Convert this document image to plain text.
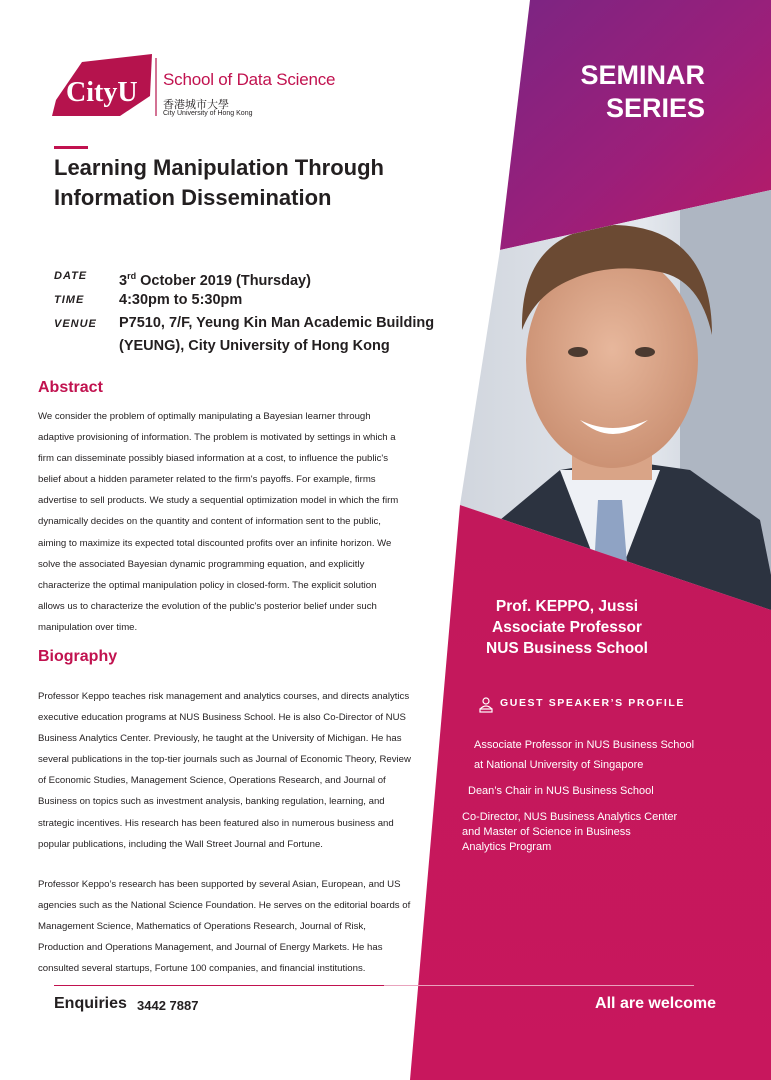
CityU School of Data Science
香港城市大學
City University of Hong Kong
SEMINAR
SERIES
Learning Manipulation Through
Information Dissemination
DATE 3rd October 2019 (Thursday)
TIME 4:30pm to 5:30pm
VENUE P7510, 7/F, Yeung Kin Man Academic Building
(YEUNG), City University of Hong Kong
Abstract
We consider the problem of optimally manipulating a Bayesian learner through
adaptive provisioning of information. The problem is motivated by settings in which a
firm can disseminate possibly biased information at a cost, to influence the public's
belief about a hidden parameter related to the firm's payoffs. For example, firms
advertise to sell products. We study a sequential optimization model in which the firm
dynamically decides on the quantity and content of information sent to the public,
aiming to maximize its expected total discounted profits over an infinite horizon. We
solve the associated Bayesian dynamic programming equation, and explicitly
characterize the optimal manipulation policy in closed-form. The explicit solution
allows us to characterize the evolution of the public's posterior belief under such
manipulation over time.
Biography
Professor Keppo teaches risk management and analytics courses, and directs analytics
executive education programs at NUS Business School. He is also Co-Director of NUS
Business Analytics Center. Previously, he taught at the University of Michigan. He has
several publications in the top-tier journals such as Journal of Economic Theory, Review
of Economic Studies, Management Science, Operations Research, and Journal of
Business on topics such as investment analysis, banking regulation, learning, and
strategic incentives. His research has been featured also in numerous business and
popular publications, including the Wall Street Journal and Fortune.
Professor Keppo’s research has been supported by several Asian, European, and US
agencies such as the National Science Foundation. He serves on the editorial boards of
Management Science, Mathematics of Operations Research, Journal of Risk,
Production and Operations Management, and Journal of Energy Markets. He has
consulted several startups, Fortune 100 companies, and financial institutions.
Prof. KEPPO, Jussi
Associate Professor
NUS Business School
GUEST SPEAKER’S PROFILE
Associate Professor in NUS Business School
at National University of Singapore
Dean’s Chair in NUS Business School
Co-Director, NUS Business Analytics Center
and Master of Science in Business
Analytics Program
Enquiries 3442 7887	All are welcome
